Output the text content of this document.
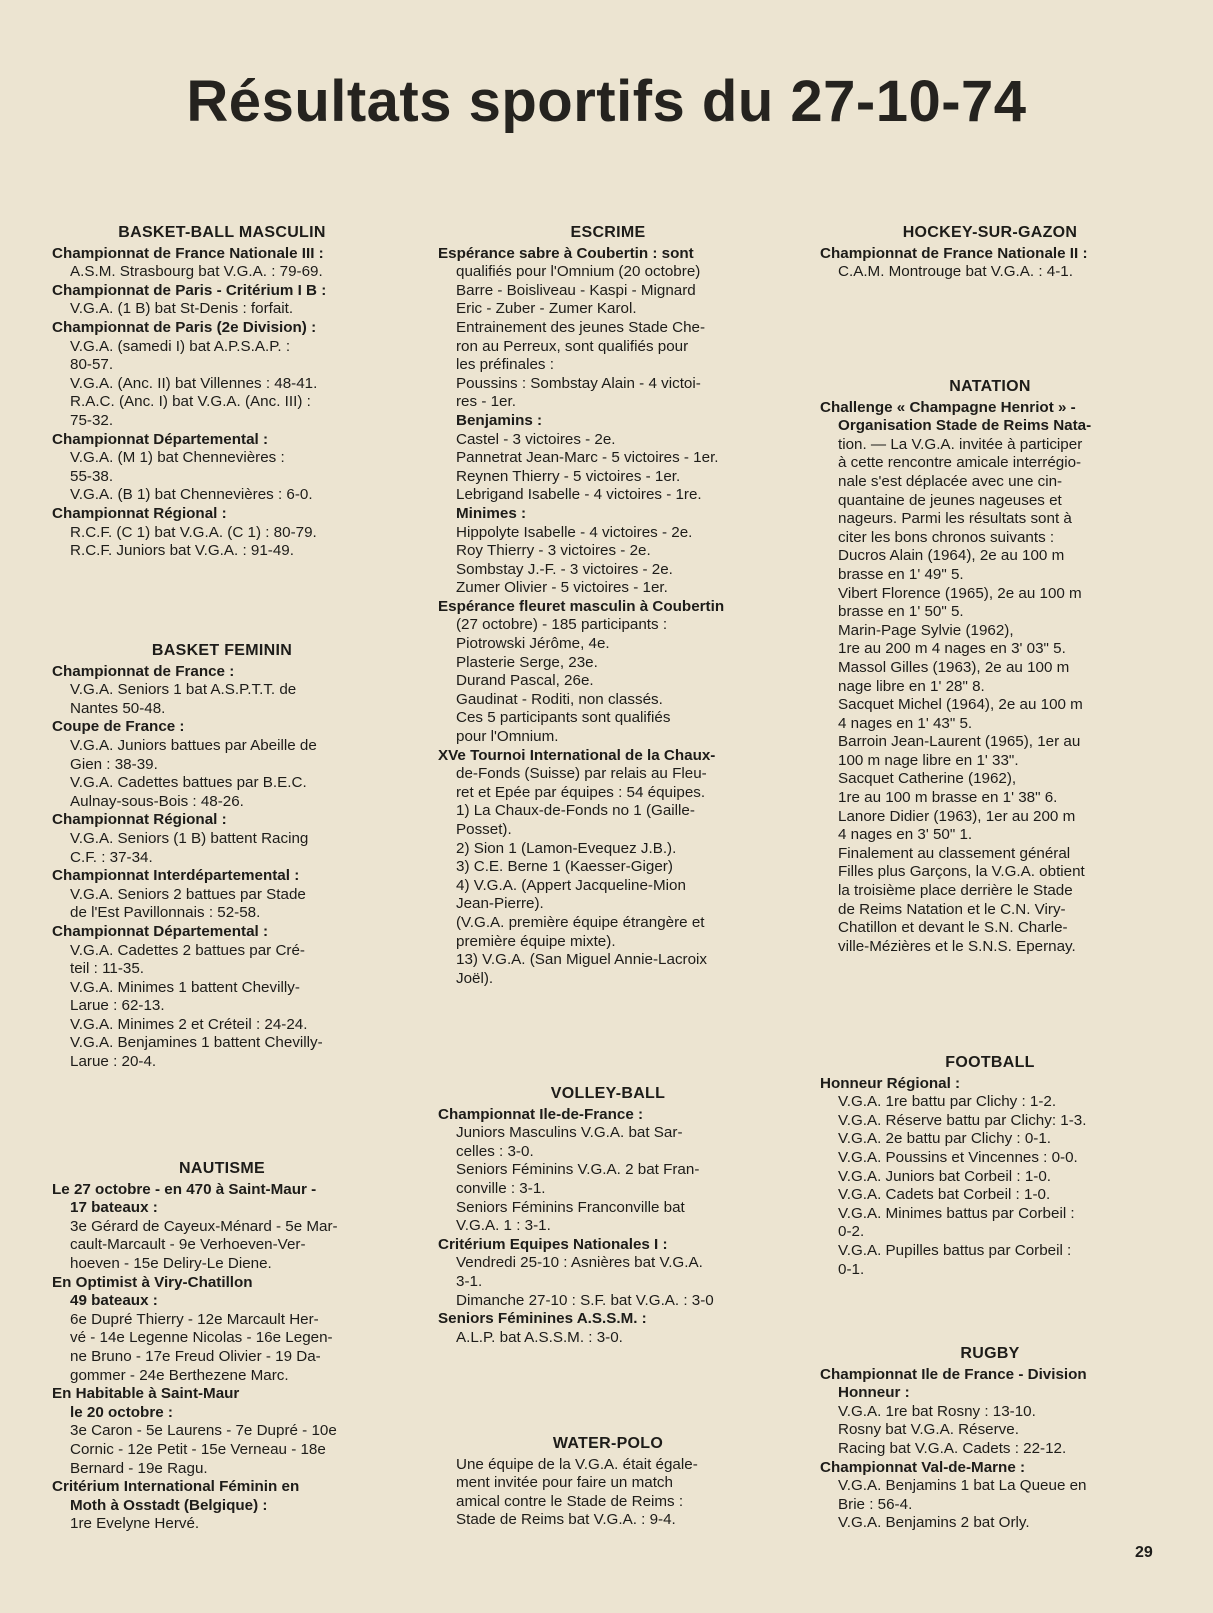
Résultats sportifs du 27-10-74
BASKET-BALL MASCULIN
Championnat de France Nationale III :
A.S.M. Strasbourg bat V.G.A. : 79-69.
Championnat de Paris - Critérium I B :
V.G.A. (1 B) bat St-Denis : forfait.
Championnat de Paris (2e Division) :
V.G.A. (samedi I) bat A.P.S.A.P. :
80-57.
V.G.A. (Anc. II) bat Villennes : 48-41.
R.A.C. (Anc. I) bat V.G.A. (Anc. III) :
75-32.
Championnat Départemental :
V.G.A. (M 1) bat Chennevières :
55-38.
V.G.A. (B 1) bat Chennevières : 6-0.
Championnat Régional :
R.C.F. (C 1) bat V.G.A. (C 1) : 80-79.
R.C.F. Juniors bat V.G.A. : 91-49.
BASKET FEMININ
Championnat de France :
V.G.A. Seniors 1 bat A.S.P.T.T. de
Nantes 50-48.
Coupe de France :
V.G.A. Juniors battues par Abeille de
Gien : 38-39.
V.G.A. Cadettes battues par B.E.C.
Aulnay-sous-Bois : 48-26.
Championnat Régional :
V.G.A. Seniors (1 B) battent Racing
C.F. : 37-34.
Championnat Interdépartemental :
V.G.A. Seniors 2 battues par Stade
de l'Est Pavillonnais : 52-58.
Championnat Départemental :
V.G.A. Cadettes 2 battues par Cré-
teil : 11-35.
V.G.A. Minimes 1 battent Chevilly-
Larue : 62-13.
V.G.A. Minimes 2 et Créteil : 24-24.
V.G.A. Benjamines 1 battent Chevilly-
Larue : 20-4.
NAUTISME
Le 27 octobre - en 470 à Saint-Maur -
17 bateaux :
3e Gérard de Cayeux-Ménard - 5e Mar-
cault-Marcault - 9e Verhoeven-Ver-
hoeven - 15e Deliry-Le Diene.
En Optimist à Viry-Chatillon
49 bateaux :
6e Dupré Thierry - 12e Marcault Her-
vé - 14e Legenne Nicolas - 16e Legen-
ne Bruno - 17e Freud Olivier - 19 Da-
gommer - 24e Berthezene Marc.
En Habitable à Saint-Maur
le 20 octobre :
3e Caron - 5e Laurens - 7e Dupré - 10e
Cornic - 12e Petit - 15e Verneau - 18e
Bernard - 19e Ragu.
Critérium International Féminin en
Moth à Osstadt (Belgique) :
1re Evelyne Hervé.
ESCRIME
Espérance sabre à Coubertin : sont
qualifiés pour l'Omnium (20 octobre)
Barre - Boisliveau - Kaspi - Mignard
Eric - Zuber - Zumer Karol.
Entrainement des jeunes Stade Che-
ron au Perreux, sont qualifiés pour
les préfinales :
Poussins : Sombstay Alain - 4 victoi-
res - 1er.
Benjamins :
Castel - 3 victoires - 2e.
Pannetrat Jean-Marc - 5 victoires - 1er.
Reynen Thierry - 5 victoires - 1er.
Lebrigand Isabelle - 4 victoires - 1re.
Minimes :
Hippolyte Isabelle - 4 victoires - 2e.
Roy Thierry - 3 victoires - 2e.
Sombstay J.-F. - 3 victoires - 2e.
Zumer Olivier - 5 victoires - 1er.
Espérance fleuret masculin à Coubertin
(27 octobre) - 185 participants :
Piotrowski Jérôme, 4e.
Plasterie Serge, 23e.
Durand Pascal, 26e.
Gaudinat - Roditi, non classés.
Ces 5 participants sont qualifiés
pour l'Omnium.
XVe Tournoi International de la Chaux-
de-Fonds (Suisse) par relais au Fleu-
ret et Epée par équipes : 54 équipes.
1) La Chaux-de-Fonds no 1 (Gaille-
Posset).
2) Sion 1 (Lamon-Evequez J.B.).
3) C.E. Berne 1 (Kaesser-Giger)
4) V.G.A. (Appert Jacqueline-Mion
Jean-Pierre).
(V.G.A. première équipe étrangère et
première équipe mixte).
13) V.G.A. (San Miguel Annie-Lacroix
Joël).
VOLLEY-BALL
Championnat Ile-de-France :
Juniors Masculins V.G.A. bat Sar-
celles : 3-0.
Seniors Féminins V.G.A. 2 bat Fran-
conville : 3-1.
Seniors Féminins Franconville bat
V.G.A. 1 : 3-1.
Critérium Equipes Nationales I :
Vendredi 25-10 : Asnières bat V.G.A.
3-1.
Dimanche 27-10 : S.F. bat V.G.A. : 3-0
Seniors Féminines A.S.S.M. :
A.L.P. bat A.S.S.M. : 3-0.
WATER-POLO
Une équipe de la V.G.A. était égale-
ment invitée pour faire un match
amical contre le Stade de Reims :
Stade de Reims bat V.G.A. : 9-4.
HOCKEY-SUR-GAZON
Championnat de France Nationale II :
C.A.M. Montrouge bat V.G.A. : 4-1.
NATATION
Challenge « Champagne Henriot » -
Organisation Stade de Reims Nata-
tion. — La V.G.A. invitée à participer
à cette rencontre amicale interrégio-
nale s'est déplacée avec une cin-
quantaine de jeunes nageuses et
nageurs. Parmi les résultats sont à
citer les bons chronos suivants :
Ducros Alain (1964), 2e au 100 m
brasse en 1' 49" 5.
Vibert Florence (1965), 2e au 100 m
brasse en 1' 50" 5.
Marin-Page Sylvie (1962),
1re au 200 m 4 nages en 3' 03" 5.
Massol Gilles (1963), 2e au 100 m
nage libre en 1' 28" 8.
Sacquet Michel (1964), 2e au 100 m
4 nages en 1' 43" 5.
Barroin Jean-Laurent (1965), 1er au
100 m nage libre en 1' 33".
Sacquet Catherine (1962),
1re au 100 m brasse en 1' 38" 6.
Lanore Didier (1963), 1er au 200 m
4 nages en 3' 50" 1.
Finalement au classement général
Filles plus Garçons, la V.G.A. obtient
la troisième place derrière le Stade
de Reims Natation et le C.N. Viry-
Chatillon et devant le S.N. Charle-
ville-Mézières et le S.N.S. Epernay.
FOOTBALL
Honneur Régional :
V.G.A. 1re battu par Clichy : 1-2.
V.G.A. Réserve battu par Clichy: 1-3.
V.G.A. 2e battu par Clichy : 0-1.
V.G.A. Poussins et Vincennes : 0-0.
V.G.A. Juniors bat Corbeil : 1-0.
V.G.A. Cadets bat Corbeil : 1-0.
V.G.A. Minimes battus par Corbeil :
0-2.
V.G.A. Pupilles battus par Corbeil :
0-1.
RUGBY
Championnat Ile de France - Division
Honneur :
V.G.A. 1re bat Rosny : 13-10.
Rosny bat V.G.A. Réserve.
Racing bat V.G.A. Cadets : 22-12.
Championnat Val-de-Marne :
V.G.A. Benjamins 1 bat La Queue en
Brie : 56-4.
V.G.A. Benjamins 2 bat Orly.
29
